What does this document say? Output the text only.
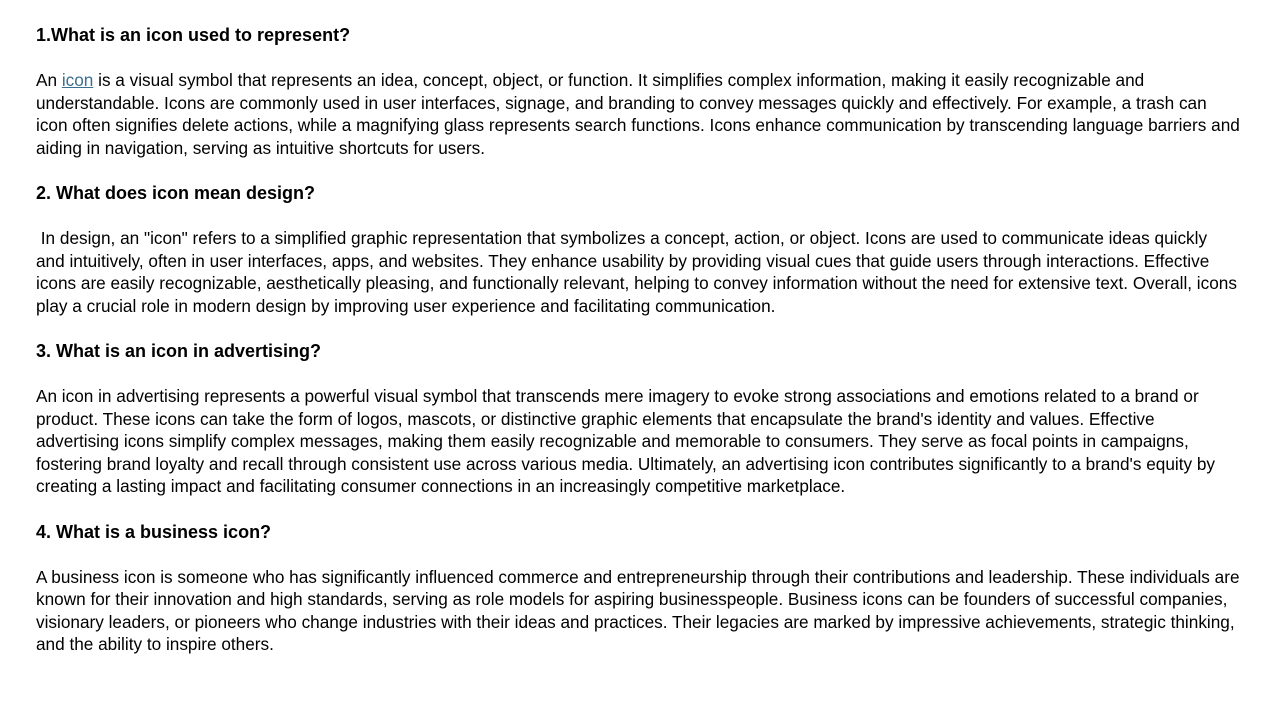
1.What is an icon used to represent?

An icon is a visual symbol that represents an idea, concept, object, or function. It simplifies complex information, making it easily recognizable and understandable. Icons are commonly used in user interfaces, signage, and branding to convey messages quickly and effectively. For example, a trash can icon often signifies delete actions, while a magnifying glass represents search functions. Icons enhance communication by transcending language barriers and aiding in navigation, serving as intuitive shortcuts for users.

2. What does icon mean design?

In design, an "icon" refers to a simplified graphic representation that symbolizes a concept, action, or object. Icons are used to communicate ideas quickly and intuitively, often in user interfaces, apps, and websites. They enhance usability by providing visual cues that guide users through interactions. Effective icons are easily recognizable, aesthetically pleasing, and functionally relevant, helping to convey information without the need for extensive text. Overall, icons play a crucial role in modern design by improving user experience and facilitating communication.

3. What is an icon in advertising?

An icon in advertising represents a powerful visual symbol that transcends mere imagery to evoke strong associations and emotions related to a brand or product. These icons can take the form of logos, mascots, or distinctive graphic elements that encapsulate the brand's identity and values. Effective advertising icons simplify complex messages, making them easily recognizable and memorable to consumers. They serve as focal points in campaigns, fostering brand loyalty and recall through consistent use across various media. Ultimately, an advertising icon contributes significantly to a brand's equity by creating a lasting impact and facilitating consumer connections in an increasingly competitive marketplace.

4. What is a business icon?

A business icon is someone who has significantly influenced commerce and entrepreneurship through their contributions and leadership. These individuals are known for their innovation and high standards, serving as role models for aspiring businesspeople. Business icons can be founders of successful companies, visionary leaders, or pioneers who change industries with their ideas and practices. Their legacies are marked by impressive achievements, strategic thinking, and the ability to inspire others.
